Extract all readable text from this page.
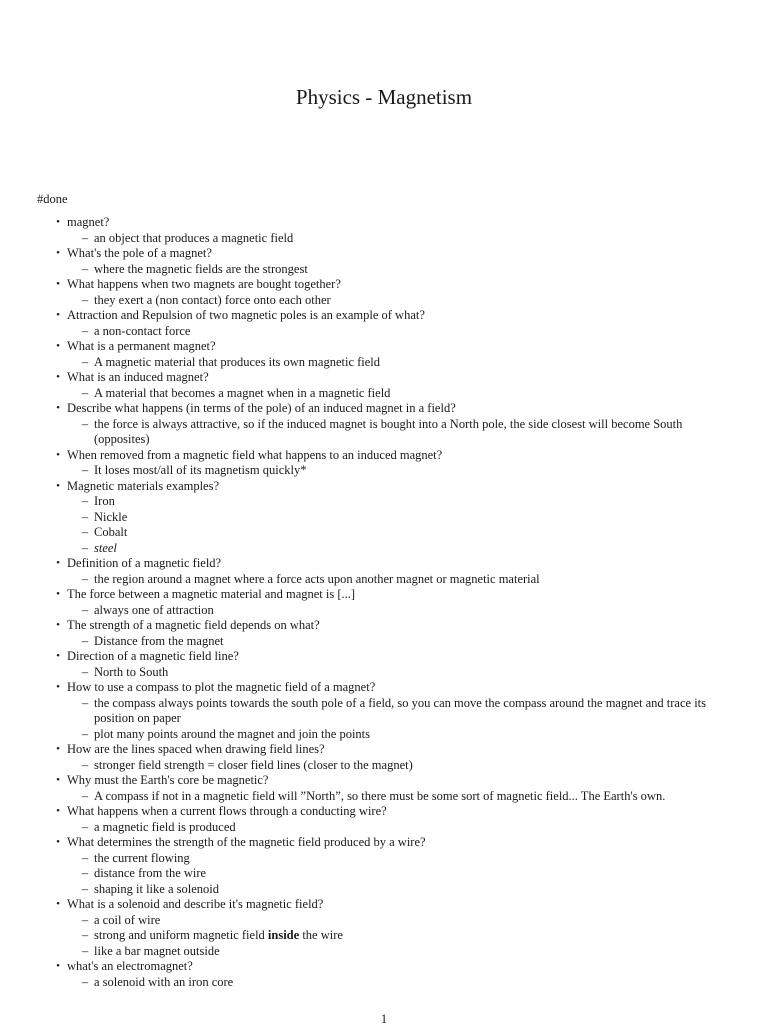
Physics - Magnetism
#done
• magnet?
– an object that produces a magnetic field
• What's the pole of a magnet?
– where the magnetic fields are the strongest
• What happens when two magnets are bought together?
– they exert a (non contact) force onto each other
• Attraction and Repulsion of two magnetic poles is an example of what?
– a non-contact force
• What is a permanent magnet?
– A magnetic material that produces its own magnetic field
• What is an induced magnet?
– A material that becomes a magnet when in a magnetic field
• Describe what happens (in terms of the pole) of an induced magnet in a field?
– the force is always attractive, so if the induced magnet is bought into a North pole, the side closest will become South (opposites)
• When removed from a magnetic field what happens to an induced magnet?
– It loses most/all of its magnetism quickly*
• Magnetic materials examples?
– Iron
– Nickle
– Cobalt
– steel
• Definition of a magnetic field?
– the region around a magnet where a force acts upon another magnet or magnetic material
• The force between a magnetic material and magnet is [...]
– always one of attraction
• The strength of a magnetic field depends on what?
– Distance from the magnet
• Direction of a magnetic field line?
– North to South
• How to use a compass to plot the magnetic field of a magnet?
– the compass always points towards the south pole of a field, so you can move the compass around the magnet and trace its position on paper
– plot many points around the magnet and join the points
• How are the lines spaced when drawing field lines?
– stronger field strength = closer field lines (closer to the magnet)
• Why must the Earth's core be magnetic?
– A compass if not in a magnetic field will ”North”, so there must be some sort of magnetic field... The Earth's own.
• What happens when a current flows through a conducting wire?
– a magnetic field is produced
• What determines the strength of the magnetic field produced by a wire?
– the current flowing
– distance from the wire
– shaping it like a solenoid
• What is a solenoid and describe it's magnetic field?
– a coil of wire
– strong and uniform magnetic field inside the wire
– like a bar magnet outside
• what's an electromagnet?
– a solenoid with an iron core
1
